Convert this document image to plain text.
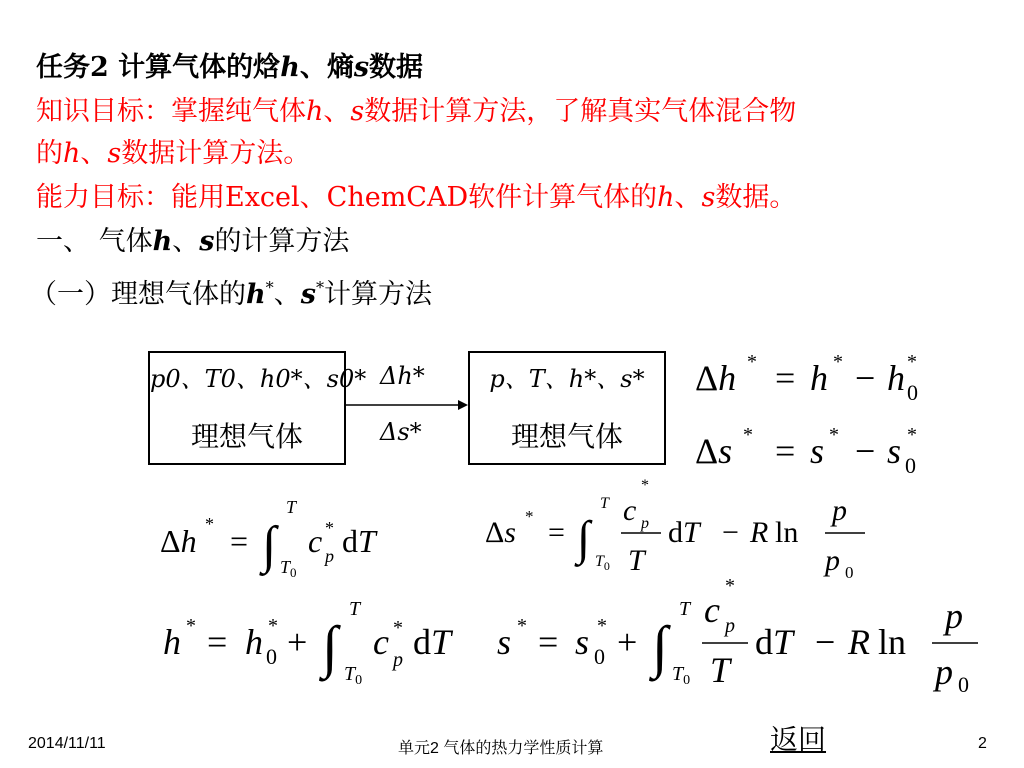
任务2 计算气体的焓h、熵s数据
知识目标：掌握纯气体h、s数据计算方法，了解真实气体混合物
的h、s数据计算方法。
能力目标：能用Excel、ChemCAD软件计算气体的h、s数据。
一、 气体h、s的计算方法
（一）理想气体的h*、s*计算方法
p0、T0、h0*、s0*
理想气体
Δh*
Δs*
p、T、h*、s*
理想气体
Δh * = h * − h *
0
Δs * = s * − s *
0
Δh * = ∫
T
$T_0$
c *
p dT	Δs * = ∫
T
$T_0$
c
*
p
T
dT − R ln
p
p 0
h * = h *
0 + ∫
T
$T_0$
c *
p dT s * = s *
0 + ∫
T
$T_0$
c
*
p
T
dT − R ln
p
p 0
2014/11/11	单元2 气体的热力学性质计算	返回	2
